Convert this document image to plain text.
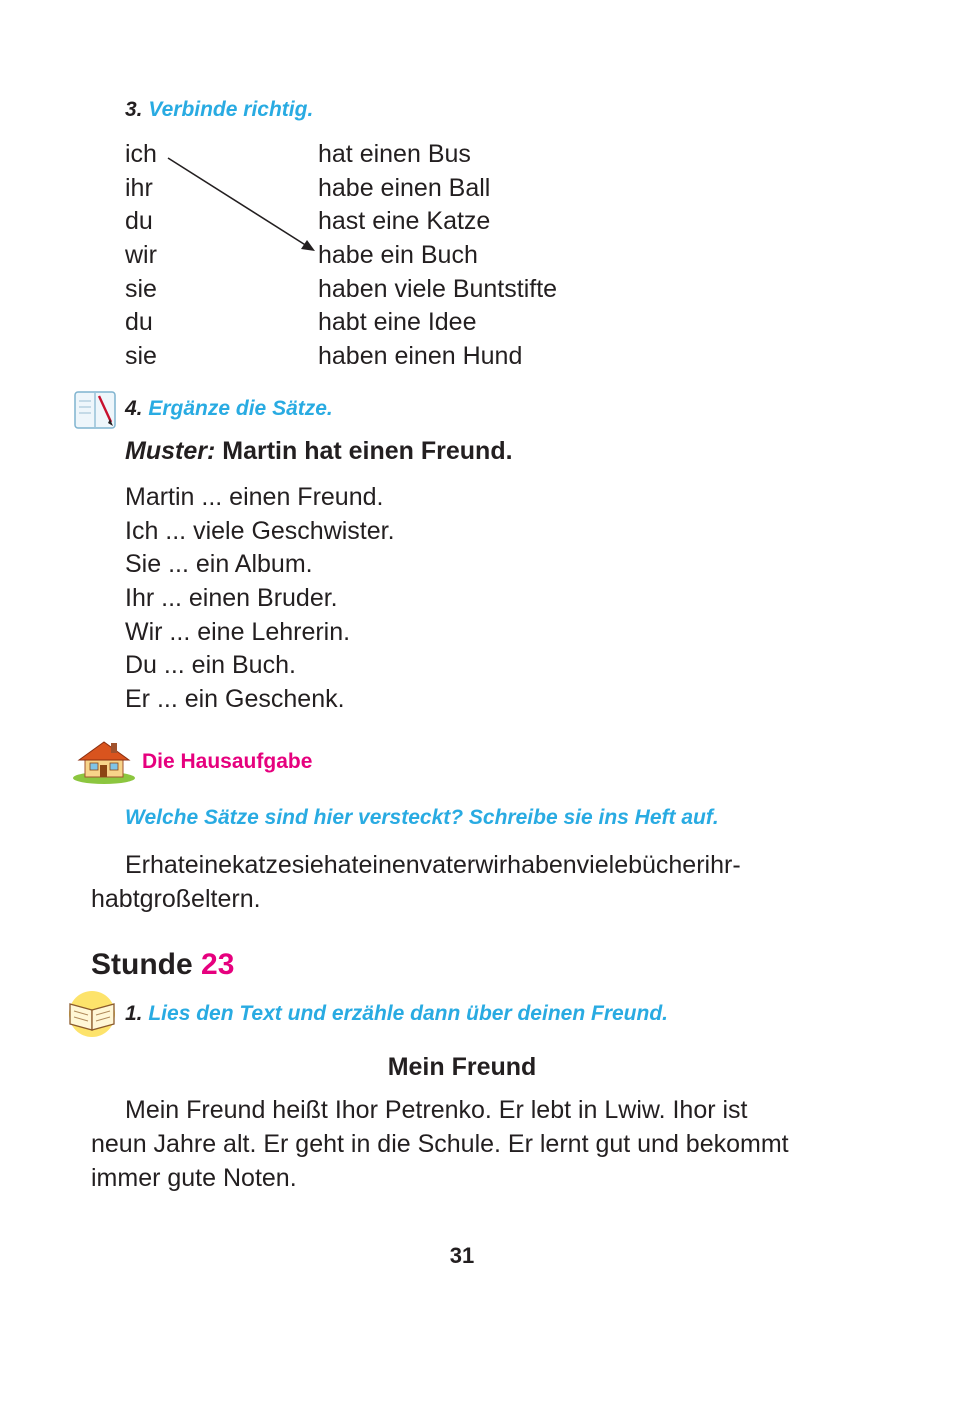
3. Verbinde richtig.
ich
ihr
du
wir
sie
du
sie
hat einen Bus
habe einen Ball
hast eine Katze
habe ein Buch
haben viele Buntstifte
habt eine Idee
haben einen Hund
4. Ergänze die Sätze.
Muster: Martin hat einen Freund.
Martin ... einen Freund.
Ich ... viele Geschwister.
Sie ... ein Album.
Ihr ... einen Bruder.
Wir ... eine Lehrerin.
Du ... ein Buch.
Er ... ein Geschenk.
Die Hausaufgabe
Welche Sätze sind hier versteckt? Schreibe sie ins Heft auf.
Erhateinekatzesiehateinenvaterwirhabenvielebücherihr-
habtgroßeltern.
Stunde 23
1. Lies den Text und erzähle dann über deinen Freund.
Mein Freund
Mein Freund heißt Ihor Petrenko. Er lebt in Lwiw. Ihor ist
neun Jahre alt. Er geht in die Schule. Er lernt gut und bekommt
immer gute Noten.
31
